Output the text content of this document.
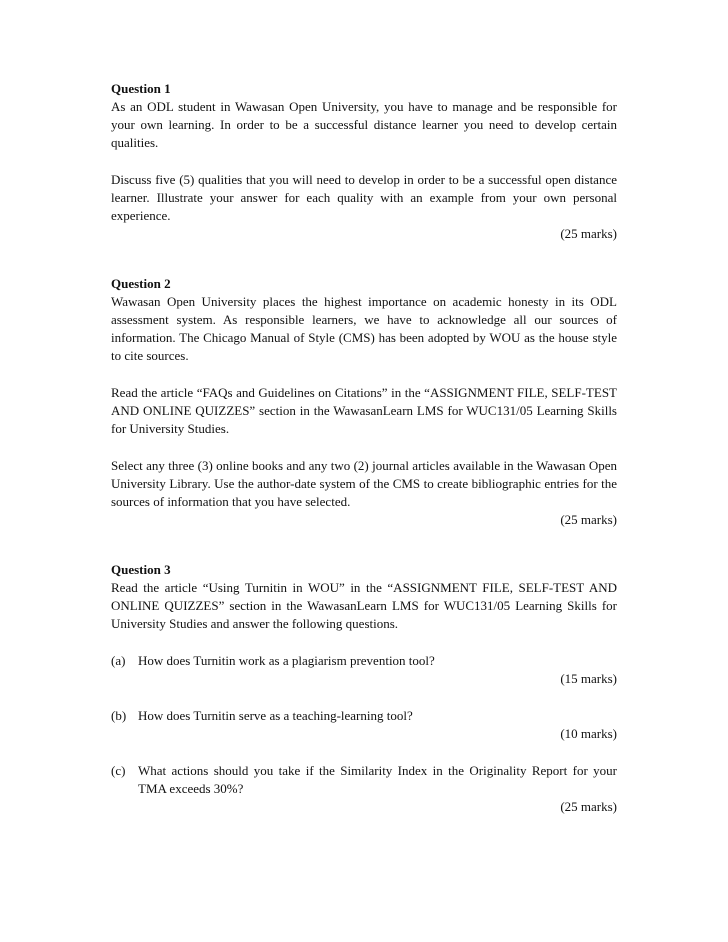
Question 1

As an ODL student in Wawasan Open University, you have to manage and be responsible for your own learning. In order to be a successful distance learner you need to develop certain qualities.

Discuss five (5) qualities that you will need to develop in order to be a successful open distance learner. Illustrate your answer for each quality with an example from your own personal experience.

(25 marks)

Question 2

Wawasan Open University places the highest importance on academic honesty in its ODL assessment system. As responsible learners, we have to acknowledge all our sources of information. The Chicago Manual of Style (CMS) has been adopted by WOU as the house style to cite sources.

Read the article “FAQs and Guidelines on Citations” in the “ASSIGNMENT FILE, SELF-TEST AND ONLINE QUIZZES” section in the WawasanLearn LMS for WUC131/05 Learning Skills for University Studies.

Select any three (3) online books and any two (2) journal articles available in the Wawasan Open University Library. Use the author-date system of the CMS to create bibliographic entries for the sources of information that you have selected.

(25 marks)

Question 3

Read the article “Using Turnitin in WOU” in the “ASSIGNMENT FILE, SELF-TEST AND ONLINE QUIZZES” section in the WawasanLearn LMS for WUC131/05 Learning Skills for University Studies and answer the following questions.

(a) How does Turnitin work as a plagiarism prevention tool?

(15 marks)

(b) How does Turnitin serve as a teaching-learning tool?

(10 marks)

(c) What actions should you take if the Similarity Index in the Originality Report for your TMA exceeds 30%?

(25 marks)
